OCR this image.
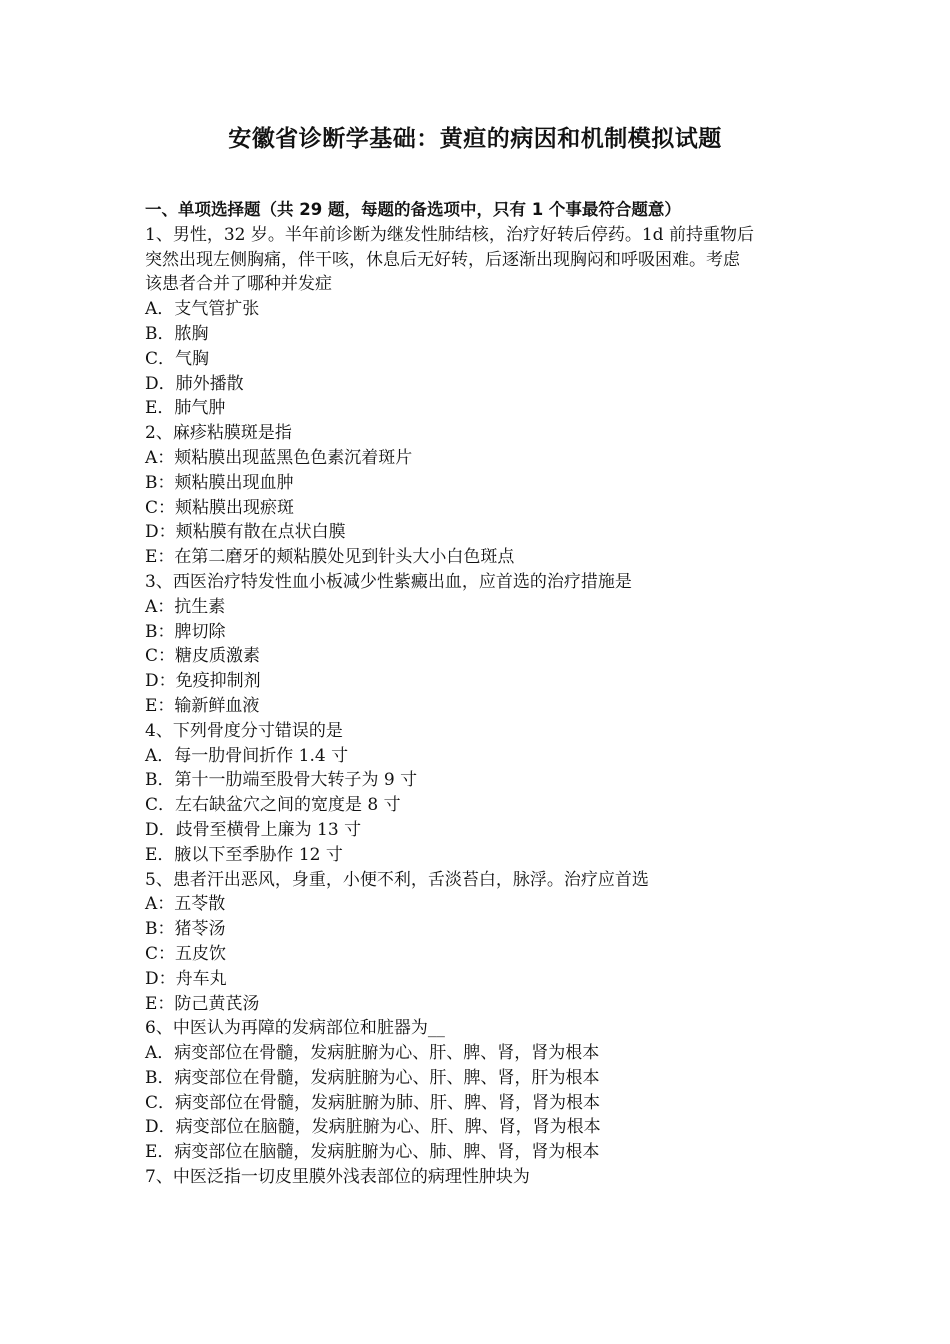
安徽省诊断学基础：黄疸的病因和机制模拟试题
一、单项选择题（共 29 题，每题的备选项中，只有 1 个事最符合题意）
1、男性，32 岁。半年前诊断为继发性肺结核，治疗好转后停药。1d 前持重物后
突然出现左侧胸痛，伴干咳，休息后无好转，后逐渐出现胸闷和呼吸困难。考虑
该患者合并了哪种并发症
A．支气管扩张
B．脓胸
C．气胸
D．肺外播散
E．肺气肿
2、麻疹粘膜斑是指
A：颊粘膜出现蓝黑色色素沉着斑片
B：颊粘膜出现血肿
C：颊粘膜出现瘀斑
D：颊粘膜有散在点状白膜
E：在第二磨牙的颊粘膜处见到针头大小白色斑点
3、西医治疗特发性血小板减少性紫癜出血，应首选的治疗措施是
A：抗生素
B：脾切除
C：糖皮质激素
D：免疫抑制剂
E：输新鲜血液
4、下列骨度分寸错误的是
A．每一肋骨间折作 1.4 寸
B．第十一肋端至股骨大转子为 9 寸
C．左右缺盆穴之间的宽度是 8 寸
D．歧骨至横骨上廉为 13 寸
E．腋以下至季胁作 12 寸
5、患者汗出恶风，身重，小便不利，舌淡苔白，脉浮。治疗应首选
A：五苓散
B：猪苓汤
C：五皮饮
D：舟车丸
E：防己黄芪汤
6、中医认为再障的发病部位和脏器为__
A．病变部位在骨髓，发病脏腑为心、肝、脾、肾，肾为根本
B．病变部位在骨髓，发病脏腑为心、肝、脾、肾，肝为根本
C．病变部位在骨髓，发病脏腑为肺、肝、脾、肾，肾为根本
D．病变部位在脑髓，发病脏腑为心、肝、脾、肾，肾为根本
E．病变部位在脑髓，发病脏腑为心、肺、脾、肾，肾为根本
7、中医泛指一切皮里膜外浅表部位的病理性肿块为
